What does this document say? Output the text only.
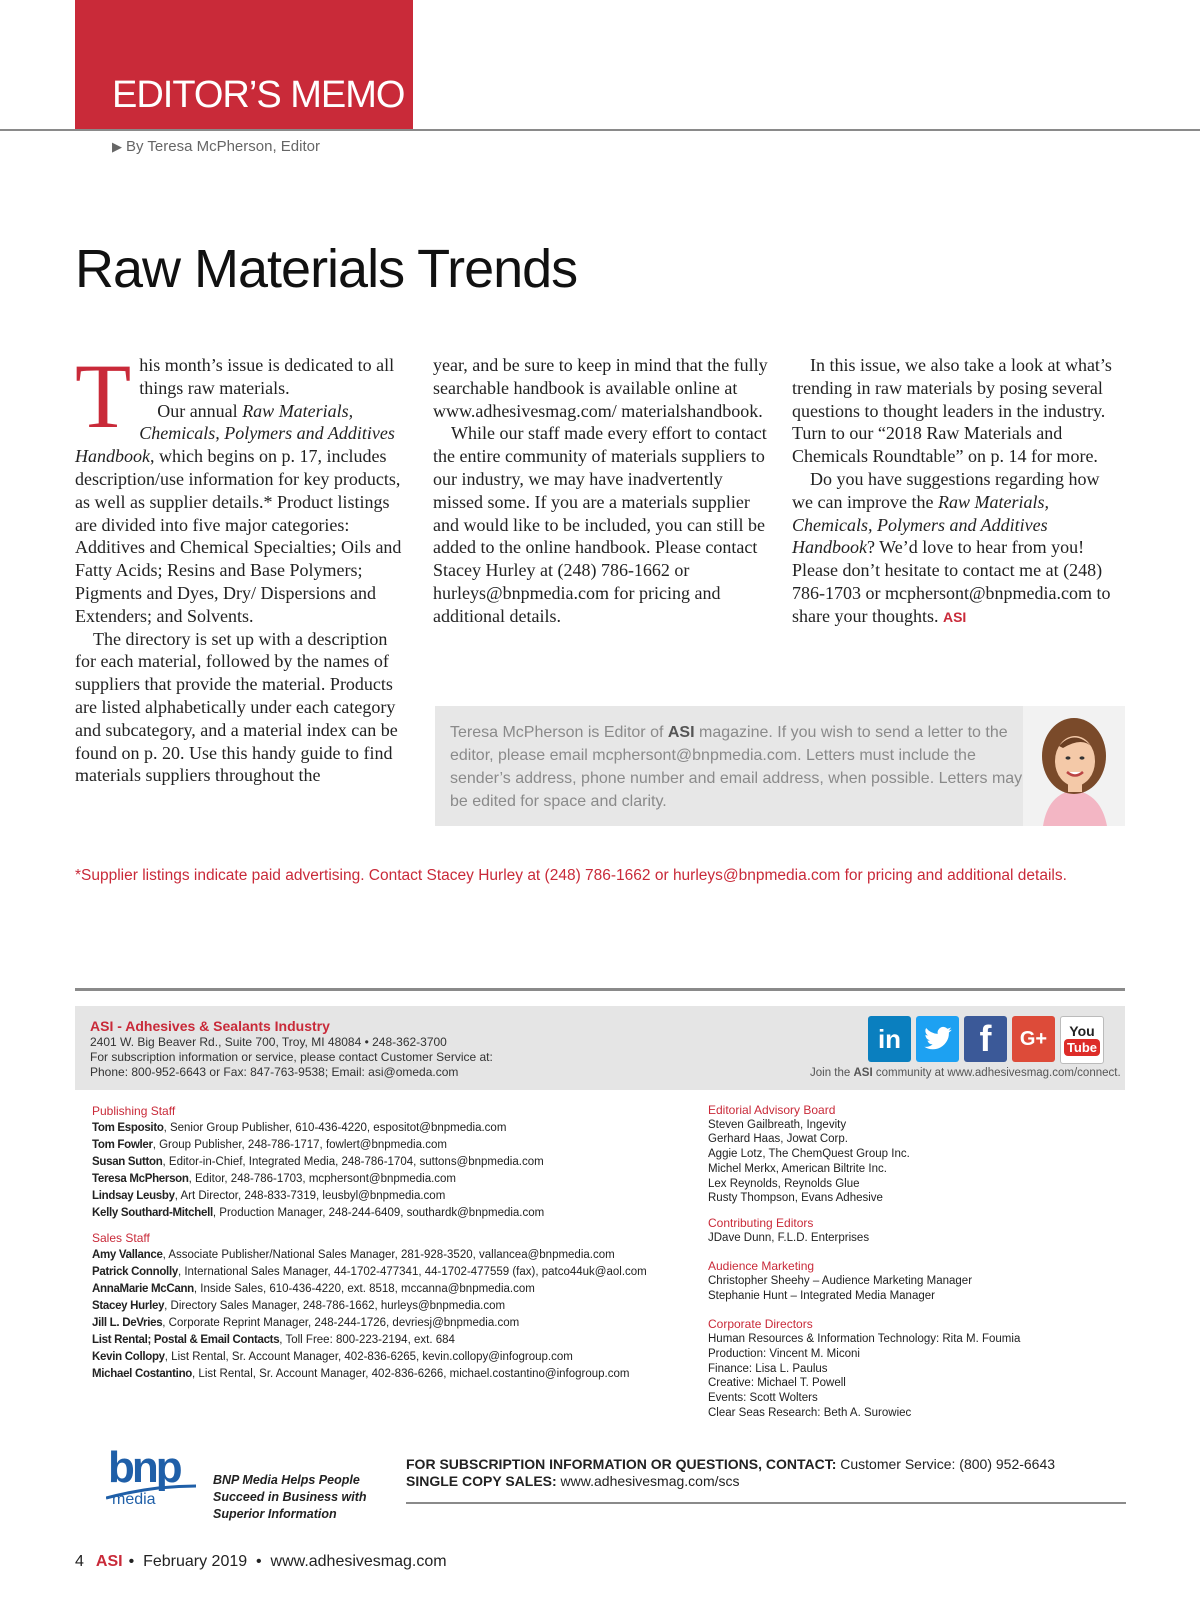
EDITOR’S MEMO
▶ By Teresa McPherson, Editor
Raw Materials Trends

This month’s issue is dedicated to all things raw materials.

Our annual Raw Materials, Chemicals, Polymers and Additives Handbook, which begins on p. 17, includes description/use information for key products, as well as supplier details.* Product listings are divided into five major categories: Additives and Chemical Specialties; Oils and Fatty Acids; Resins and Base Polymers; Pigments and Dyes, Dry/ Dispersions and Extenders; and Solvents.

The directory is set up with a description for each material, followed by the names of suppliers that provide the material. Products are listed alphabetically under each category and subcategory, and a material index can be found on p. 20. Use this handy guide to find materials suppliers throughout the

year, and be sure to keep in mind that the fully searchable handbook is available online at www.adhesivesmag.com/ materialshandbook.

While our staff made every effort to contact the entire community of materials suppliers to our industry, we may have inadvertently missed some. If you are a materials supplier and would like to be included, you can still be added to the online handbook. Please contact Stacey Hurley at (248) 786-1662 or hurleys@bnpmedia.com for pricing and additional details.

In this issue, we also take a look at what’s trending in raw materials by posing several questions to thought leaders in the industry. Turn to our “2018 Raw Materials and Chemicals Roundtable” on p. 14 for more.

Do you have suggestions regarding how we can improve the Raw Materials, Chemicals, Polymers and Additives Handbook? We’d love to hear from you! Please don’t hesitate to contact me at (248) 786-1703 or mcphersont@bnpmedia.com to share your thoughts. ASI

Teresa McPherson is Editor of ASI magazine. If you wish to send a letter to the editor, please email mcphersont@bnpmedia.com. Letters must include the sender’s address, phone number and email address, when possible. Letters may be edited for space and clarity.
*Supplier listings indicate paid advertising. Contact Stacey Hurley at (248) 786-1662 or hurleys@bnpmedia.com for pricing and additional details.
ASI - Adhesives & Sealants Industry
2401 W. Big Beaver Rd., Suite 700, Troy, MI 48084 • 248-362-3700
For subscription information or service, please contact Customer Service at:
Phone: 800-952-6643 or Fax: 847-763-9538; Email: asi@omeda.com
in	f	G+	You
Tube
Join the ASI community at www.adhesivesmag.com/connect.
Publishing Staff
Tom Esposito, Senior Group Publisher, 610-436-4220, espositot@bnpmedia.com
Tom Fowler, Group Publisher, 248-786-1717, fowlert@bnpmedia.com
Susan Sutton, Editor-in-Chief, Integrated Media, 248-786-1704, suttons@bnpmedia.com
Teresa McPherson, Editor, 248-786-1703, mcphersont@bnpmedia.com
Lindsay Leusby, Art Director, 248-833-7319, leusbyl@bnpmedia.com
Kelly Southard-Mitchell, Production Manager, 248-244-6409, southardk@bnpmedia.com
Sales Staff
Amy Vallance, Associate Publisher/National Sales Manager, 281-928-3520, vallancea@bnpmedia.com
Patrick Connolly, International Sales Manager, 44-1702-477341, 44-1702-477559 (fax), patco44uk@aol.com
AnnaMarie McCann, Inside Sales, 610-436-4220, ext. 8518, mccanna@bnpmedia.com
Stacey Hurley, Directory Sales Manager, 248-786-1662, hurleys@bnpmedia.com
Jill L. DeVries, Corporate Reprint Manager, 248-244-1726, devriesj@bnpmedia.com
List Rental; Postal & Email Contacts, Toll Free: 800-223-2194, ext. 684
Kevin Collopy, List Rental, Sr. Account Manager, 402-836-6265, kevin.collopy@infogroup.com
Michael Costantino, List Rental, Sr. Account Manager, 402-836-6266, michael.costantino@infogroup.com
Editorial Advisory Board
Steven Gailbreath, Ingevity
Gerhard Haas, Jowat Corp.
Aggie Lotz, The ChemQuest Group Inc.
Michel Merkx, American Biltrite Inc.
Lex Reynolds, Reynolds Glue
Rusty Thompson, Evans Adhesive
Contributing Editors
JDave Dunn, F.L.D. Enterprises
Audience Marketing
Christopher Sheehy – Audience Marketing Manager
Stephanie Hunt – Integrated Media Manager
Corporate Directors
Human Resources & Information Technology: Rita M. Foumia
Production: Vincent M. Miconi
Finance: Lisa L. Paulus
Creative: Michael T. Powell
Events: Scott Wolters
Clear Seas Research: Beth A. Surowiec
bnp
media
BNP Media Helps People Succeed in Business with Superior Information
FOR SUBSCRIPTION INFORMATION OR QUESTIONS, CONTACT: Customer Service: (800) 952-6643
SINGLE COPY SALES: www.adhesivesmag.com/scs
4 ASI • February 2019 • www.adhesivesmag.com
